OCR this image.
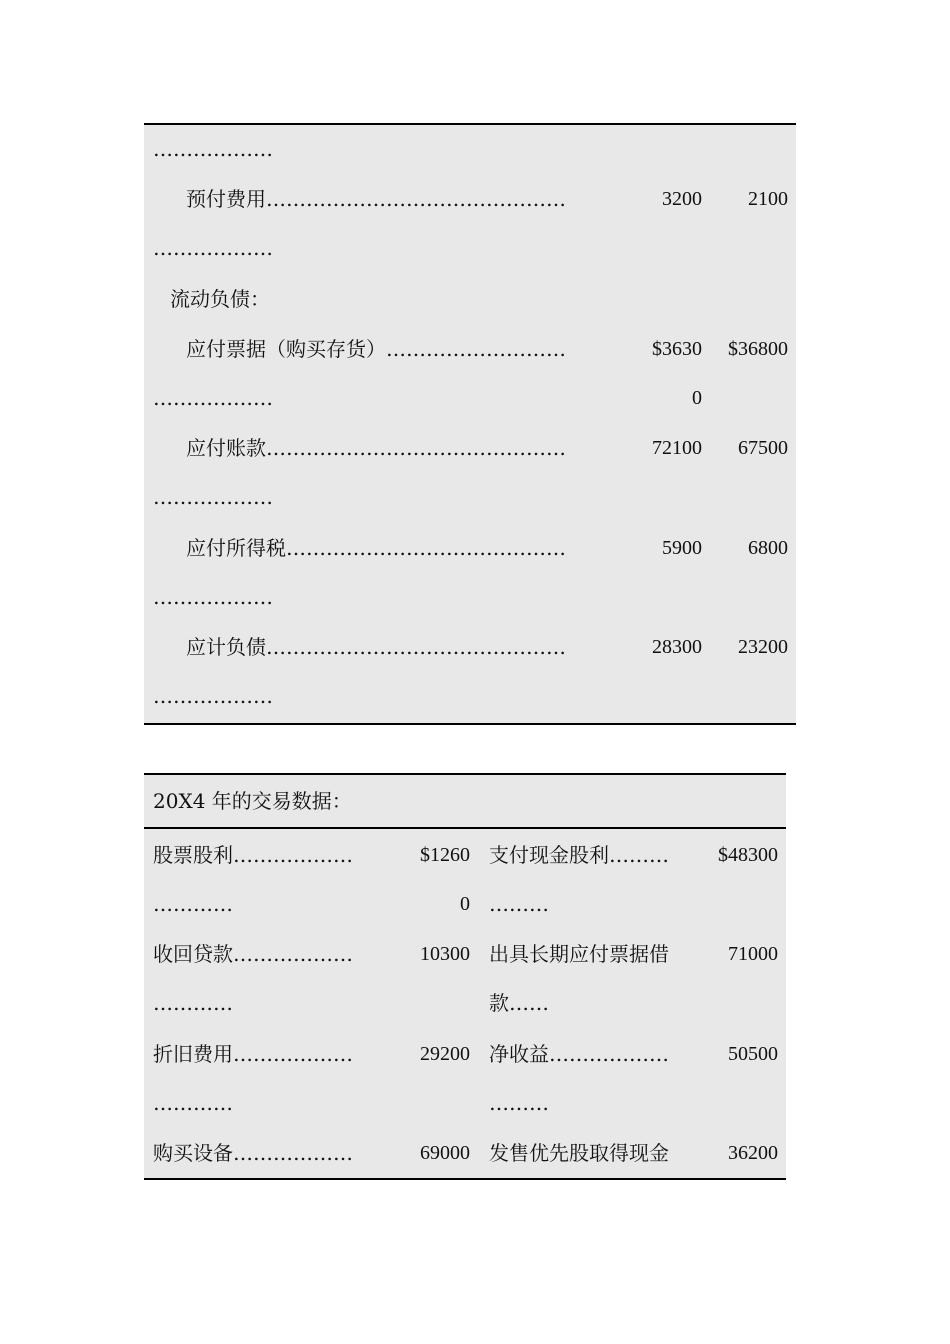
………………
预付费用………………………………………	3200	2100
………………
流动负债：
应付票据（购买存货）………………………	$3630	$36800
………………	0
应付账款………………………………………	72100	67500
………………
应付所得税……………………………………	5900	6800
………………
应计负债………………………………………	28300	23200
………………
20X4 年的交易数据：
股票股利………………	$1260 支付现金股利………	$48300
…………	0 ………
收回贷款………………	10300 出具长期应付票据借	71000
…………	款……
折旧费用………………	29200 净收益………………	50500
…………	………
购买设备………………	69000 发售优先股取得现金	36200
